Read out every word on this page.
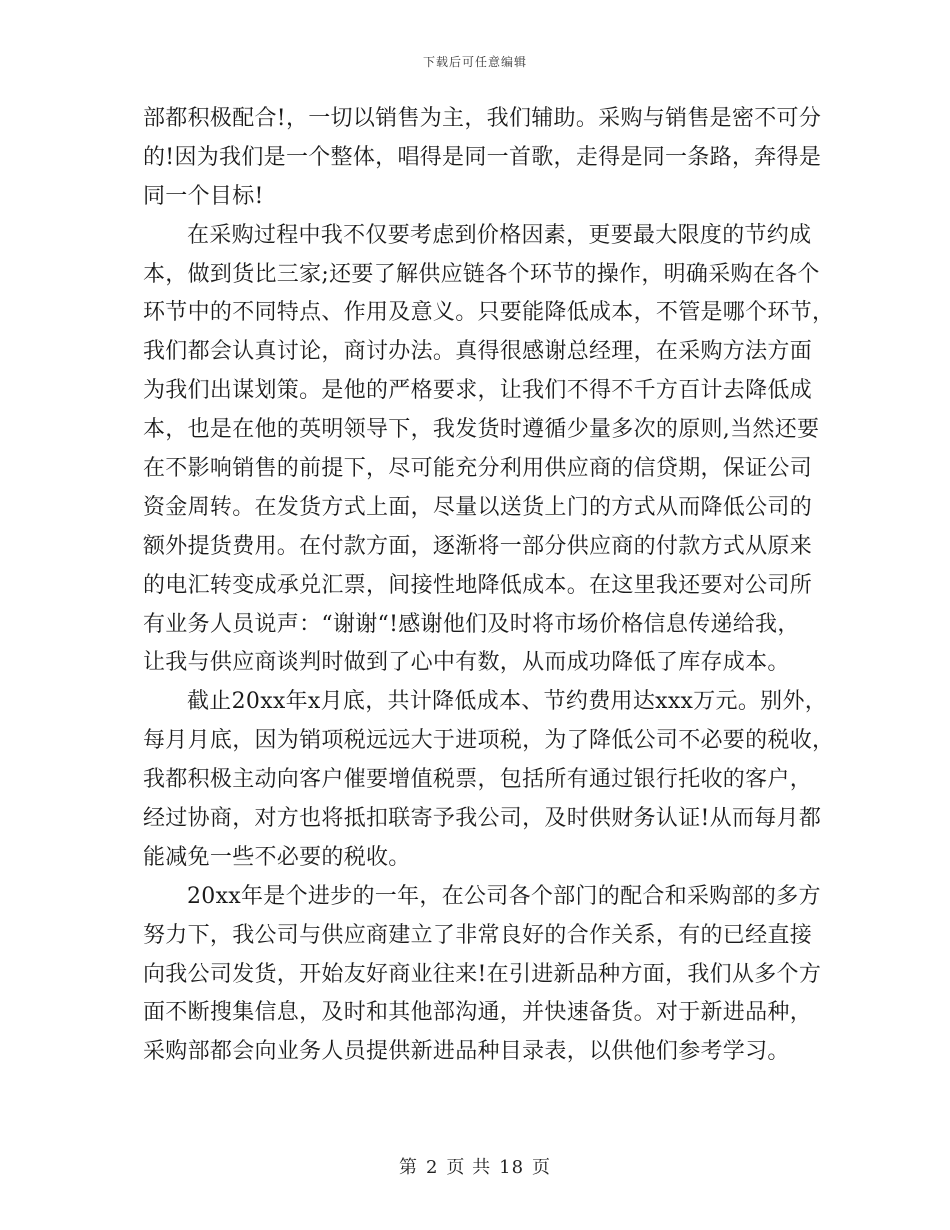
下载后可任意编辑
部都积极配合!，一切以销售为主，我们辅助。采购与销售是密不可分
的!因为我们是一个整体，唱得是同一首歌，走得是同一条路，奔得是
同一个目标!
在采购过程中我不仅要考虑到价格因素，更要最大限度的节约成
本，做到货比三家;还要了解供应链各个环节的操作，明确采购在各个
环节中的不同特点、作用及意义。只要能降低成本，不管是哪个环节，
我们都会认真讨论，商讨办法。真得很感谢总经理，在采购方法方面
为我们出谋划策。是他的严格要求，让我们不得不千方百计去降低成
本，也是在他的英明领导下，我发货时遵循少量多次的原则,当然还要
在不影响销售的前提下，尽可能充分利用供应商的信贷期，保证公司
资金周转。在发货方式上面，尽量以送货上门的方式从而降低公司的
额外提货费用。在付款方面，逐渐将一部分供应商的付款方式从原来
的电汇转变成承兑汇票，间接性地降低成本。在这里我还要对公司所
有业务人员说声：“谢谢“!感谢他们及时将市场价格信息传递给我，
让我与供应商谈判时做到了心中有数，从而成功降低了库存成本。
截止20xx年x月底，共计降低成本、节约费用达xxx万元。别外，
每月月底，因为销项税远远大于进项税，为了降低公司不必要的税收，
我都积极主动向客户催要增值税票，包括所有通过银行托收的客户，
经过协商，对方也将抵扣联寄予我公司，及时供财务认证!从而每月都
能减免一些不必要的税收。
20xx年是个进步的一年，在公司各个部门的配合和采购部的多方
努力下，我公司与供应商建立了非常良好的合作关系，有的已经直接
向我公司发货，开始友好商业往来!在引进新品种方面，我们从多个方
面不断搜集信息，及时和其他部沟通，并快速备货。对于新进品种，
采购部都会向业务人员提供新进品种目录表，以供他们参考学习。
第 2 页 共 18 页
